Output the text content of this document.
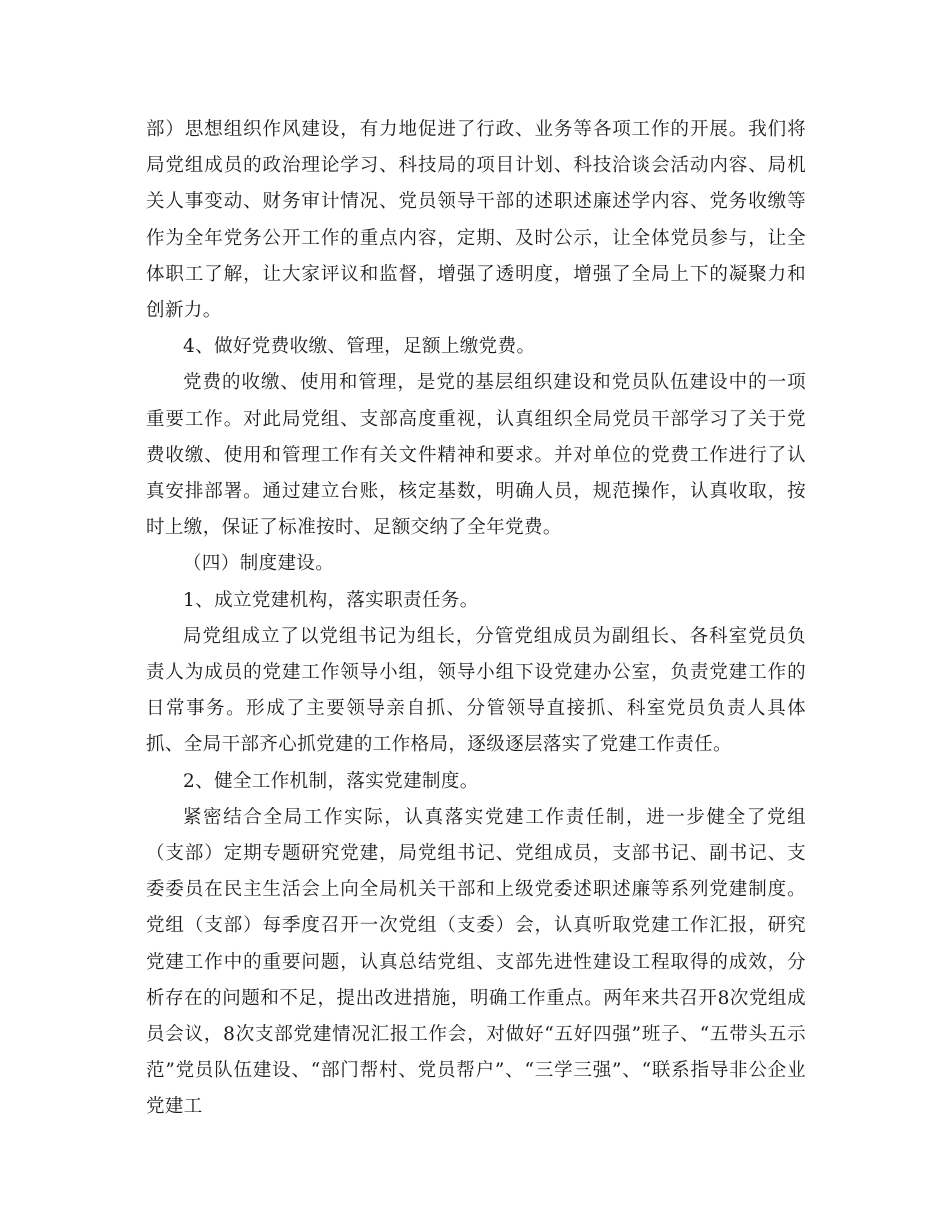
部）思想组织作风建设，有力地促进了行政、业务等各项工作的开展。我们将局党组成员的政治理论学习、科技局的项目计划、科技洽谈会活动内容、局机关人事变动、财务审计情况、党员领导干部的述职述廉述学内容、党务收缴等作为全年党务公开工作的重点内容，定期、及时公示，让全体党员参与，让全体职工了解，让大家评议和监督，增强了透明度，增强了全局上下的凝聚力和创新力。

4、做好党费收缴、管理，足额上缴党费。

党费的收缴、使用和管理，是党的基层组织建设和党员队伍建设中的一项重要工作。对此局党组、支部高度重视，认真组织全局党员干部学习了关于党费收缴、使用和管理工作有关文件精神和要求。并对单位的党费工作进行了认真安排部署。通过建立台账，核定基数，明确人员，规范操作，认真收取，按时上缴，保证了标准按时、足额交纳了全年党费。

（四）制度建设。

1、成立党建机构，落实职责任务。

局党组成立了以党组书记为组长，分管党组成员为副组长、各科室党员负责人为成员的党建工作领导小组，领导小组下设党建办公室，负责党建工作的日常事务。形成了主要领导亲自抓、分管领导直接抓、科室党员负责人具体抓、全局干部齐心抓党建的工作格局，逐级逐层落实了党建工作责任。

2、健全工作机制，落实党建制度。

紧密结合全局工作实际，认真落实党建工作责任制，进一步健全了党组（支部）定期专题研究党建，局党组书记、党组成员，支部书记、副书记、支委委员在民主生活会上向全局机关干部和上级党委述职述廉等系列党建制度。党组（支部）每季度召开一次党组（支委）会，认真听取党建工作汇报，研究党建工作中的重要问题，认真总结党组、支部先进性建设工程取得的成效，分析存在的问题和不足，提出改进措施，明确工作重点。两年来共召开8次党组成员会议，8次支部党建情况汇报工作会，对做好“五好四强”班子、“五带头五示范”党员队伍建设、“部门帮村、党员帮户”、“三学三强”、“联系指导非公企业党建工
